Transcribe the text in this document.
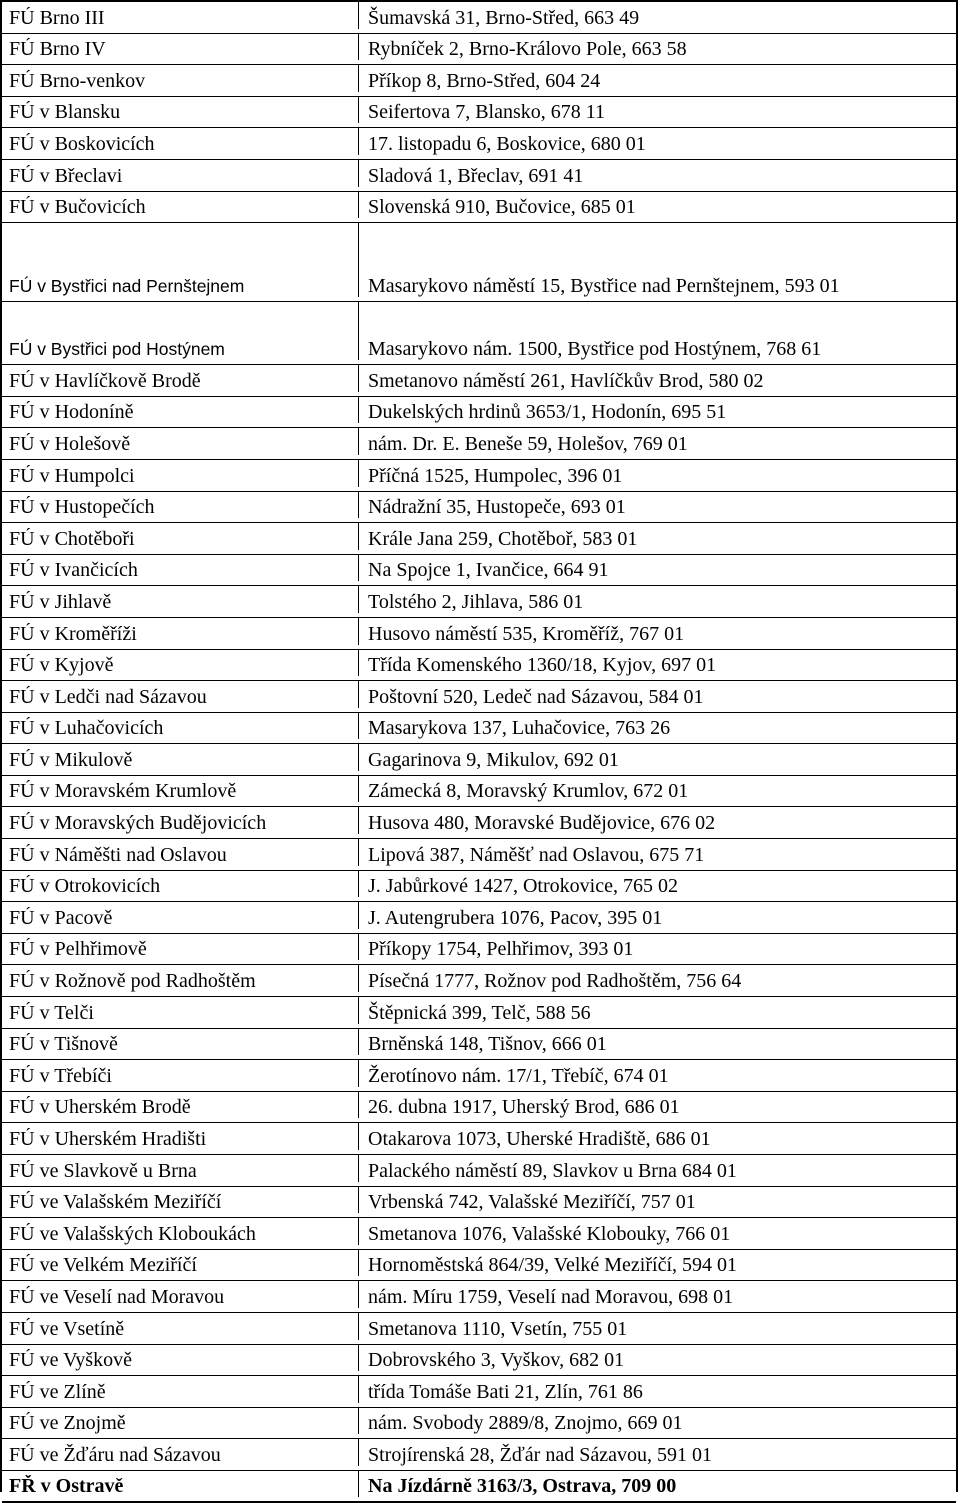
FÚ Brno III	Šumavská 31, Brno-Střed, 663 49
FÚ Brno IV	Rybníček 2, Brno-Královo Pole, 663 58
FÚ Brno-venkov	Příkop 8, Brno-Střed, 604 24
FÚ v Blansku	Seifertova 7, Blansko, 678 11
FÚ v Boskovicích	17. listopadu 6, Boskovice, 680 01
FÚ v Břeclavi	Sladová 1, Břeclav, 691 41
FÚ v Bučovicích	Slovenská 910, Bučovice, 685 01
FÚ v Bystřici nad Pernštejnem	Masarykovo náměstí 15, Bystřice nad Pernštejnem, 593 01
FÚ v Bystřici pod Hostýnem	Masarykovo nám. 1500, Bystřice pod Hostýnem, 768 61
FÚ v Havlíčkově Brodě	Smetanovo náměstí 261, Havlíčkův Brod, 580 02
FÚ v Hodoníně	Dukelských hrdinů 3653/1, Hodonín, 695 51
FÚ v Holešově	nám. Dr. E. Beneše 59, Holešov, 769 01
FÚ v Humpolci	Příčná 1525, Humpolec, 396 01
FÚ v Hustopečích	Nádražní 35, Hustopeče, 693 01
FÚ v Chotěboři	Krále Jana 259, Chotěboř, 583 01
FÚ v Ivančicích	Na Spojce 1, Ivančice, 664 91
FÚ v Jihlavě	Tolstého 2, Jihlava, 586 01
FÚ v Kroměříži	Husovo náměstí 535, Kroměříž, 767 01
FÚ v Kyjově	Třída Komenského 1360/18, Kyjov, 697 01
FÚ v Ledči nad Sázavou	Poštovní 520, Ledeč nad Sázavou, 584 01
FÚ v Luhačovicích	Masarykova 137, Luhačovice, 763 26
FÚ v Mikulově	Gagarinova 9, Mikulov, 692 01
FÚ v Moravském Krumlově	Zámecká 8, Moravský Krumlov, 672 01
FÚ v Moravských Budějovicích	Husova 480, Moravské Budějovice, 676 02
FÚ v Náměšti nad Oslavou	Lipová 387, Náměšť nad Oslavou, 675 71
FÚ v Otrokovicích	J. Jabůrkové 1427, Otrokovice, 765 02
FÚ v Pacově	J. Autengrubera 1076, Pacov, 395 01
FÚ v Pelhřimově	Příkopy 1754, Pelhřimov, 393 01
FÚ v Rožnově pod Radhoštěm	Písečná 1777, Rožnov pod Radhoštěm, 756 64
FÚ v Telči	Štěpnická 399, Telč, 588 56
FÚ v Tišnově	Brněnská 148, Tišnov, 666 01
FÚ v Třebíči	Žerotínovo nám. 17/1, Třebíč, 674 01
FÚ v Uherském Brodě	26. dubna 1917, Uherský Brod, 686 01
FÚ v Uherském Hradišti	Otakarova 1073, Uherské Hradiště, 686 01
FÚ ve Slavkově u Brna	Palackého náměstí 89, Slavkov u Brna 684 01
FÚ ve Valašském Meziříčí	Vrbenská 742, Valašské Meziříčí, 757 01
FÚ ve Valašských Kloboukách	Smetanova 1076, Valašské Klobouky, 766 01
FÚ ve Velkém Meziříčí	Hornoměstská 864/39, Velké Meziříčí, 594 01
FÚ ve Veselí nad Moravou	nám. Míru 1759, Veselí nad Moravou, 698 01
FÚ ve Vsetíně	Smetanova 1110, Vsetín, 755 01
FÚ ve Vyškově	Dobrovského 3, Vyškov, 682 01
FÚ ve Zlíně	třída Tomáše Bati 21, Zlín, 761 86
FÚ ve Znojmě	nám. Svobody 2889/8, Znojmo, 669 01
FÚ ve Žďáru nad Sázavou	Strojírenská 28, Žďár nad Sázavou, 591 01
FŘ v Ostravě	Na Jízdárně 3163/3, Ostrava, 709 00
